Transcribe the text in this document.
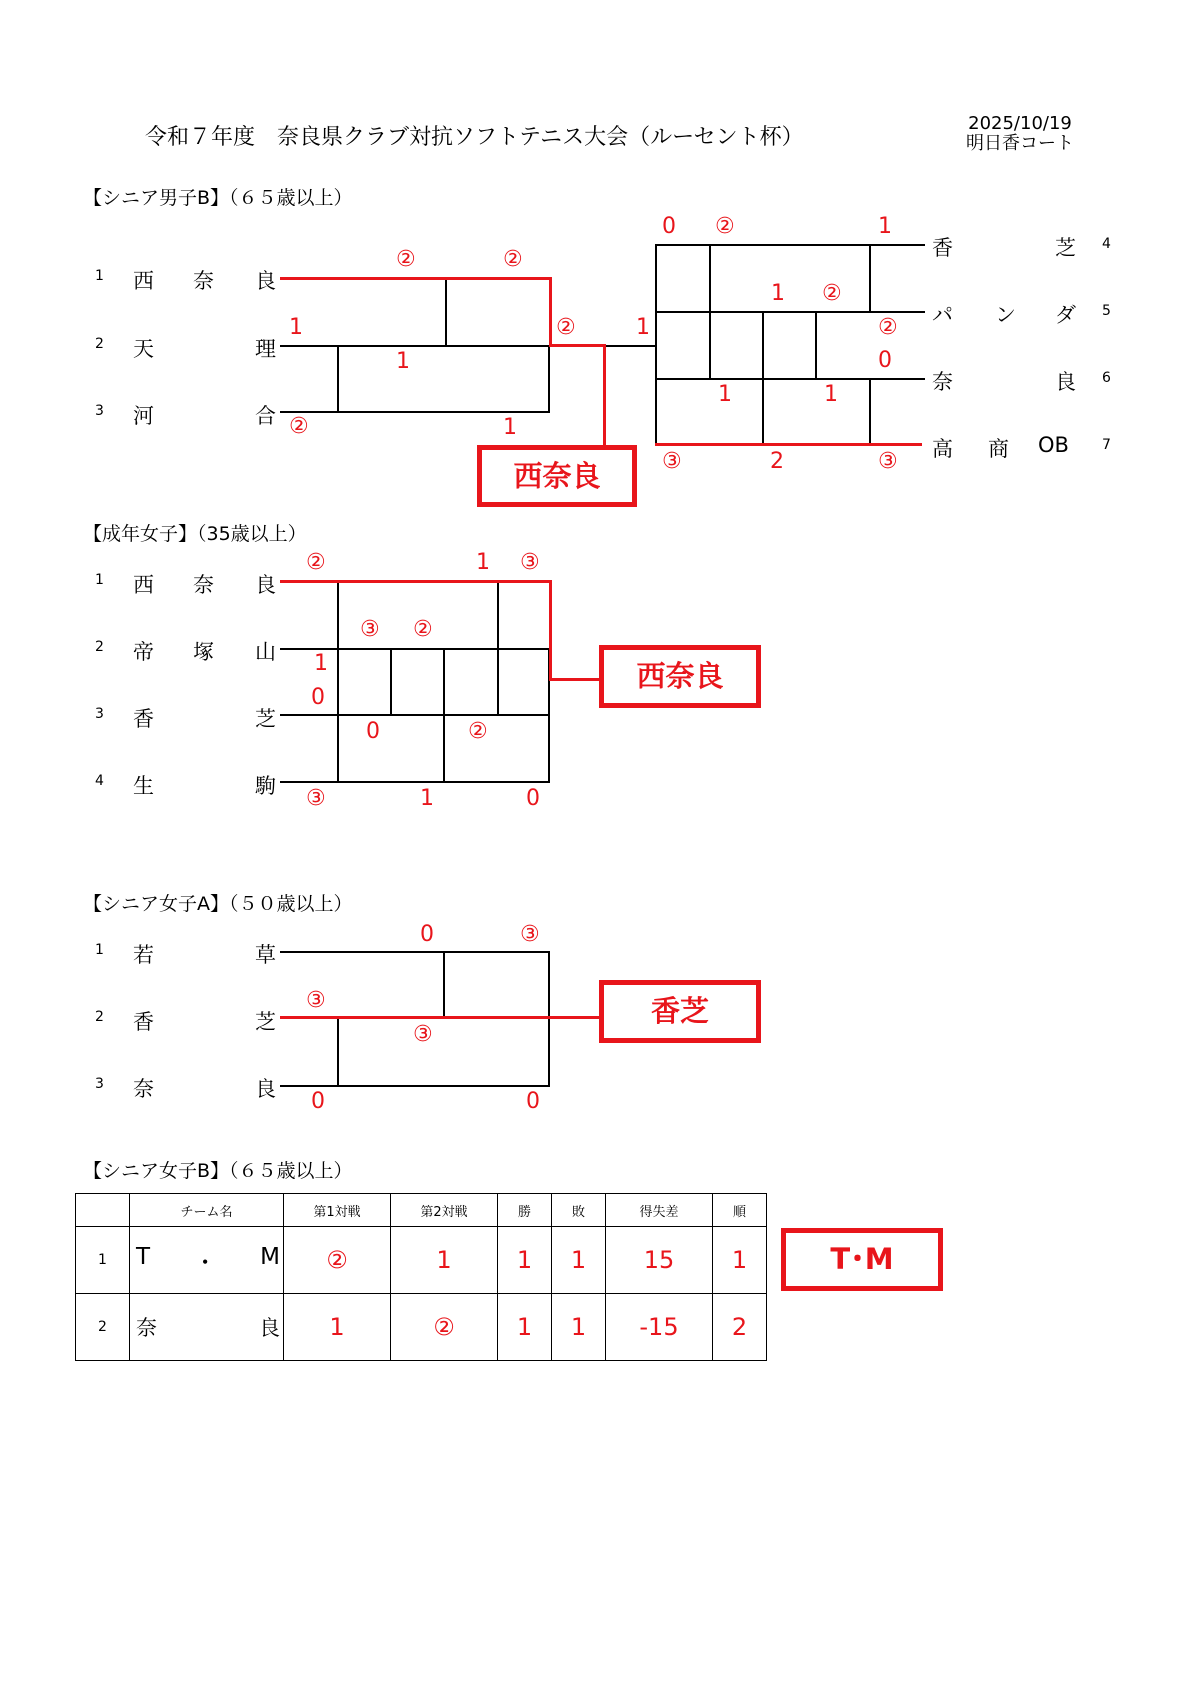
令和７年度　奈良県クラブ対抗ソフトテニス大会（ルーセント杯）
2025/10/19
明日香コート
【シニア男子B】（６５歳以上）
1 西 奈 良
2 天	理
3 河	合
香	芝 4
パ ン ダ 5
奈	良 6
高 商 OB 7
②	②
1	②	1
②
1
1
0 ②	1
1 ②
②
0
1	1
③	2	③
西奈良
【成年女子】（35歳以上）
1 西 奈 良
2 帝 塚 山
3 香	芝
4 生	駒
②	1 ③
③ ②
1
0
0	②
③	1	0
西奈良
【シニア女子A】（５０歳以上）
1 若	草
2 香	芝
3 奈	良
0	③
③
③
0	0
香芝
【シニア女子B】（６５歳以上）
	チーム名	第1対戦	第2対戦	勝	敗	得失差	順
1	T ・ M	②	1	1	1	15	1
2	奈 良	1	②	1	1	-15	2
T･M
